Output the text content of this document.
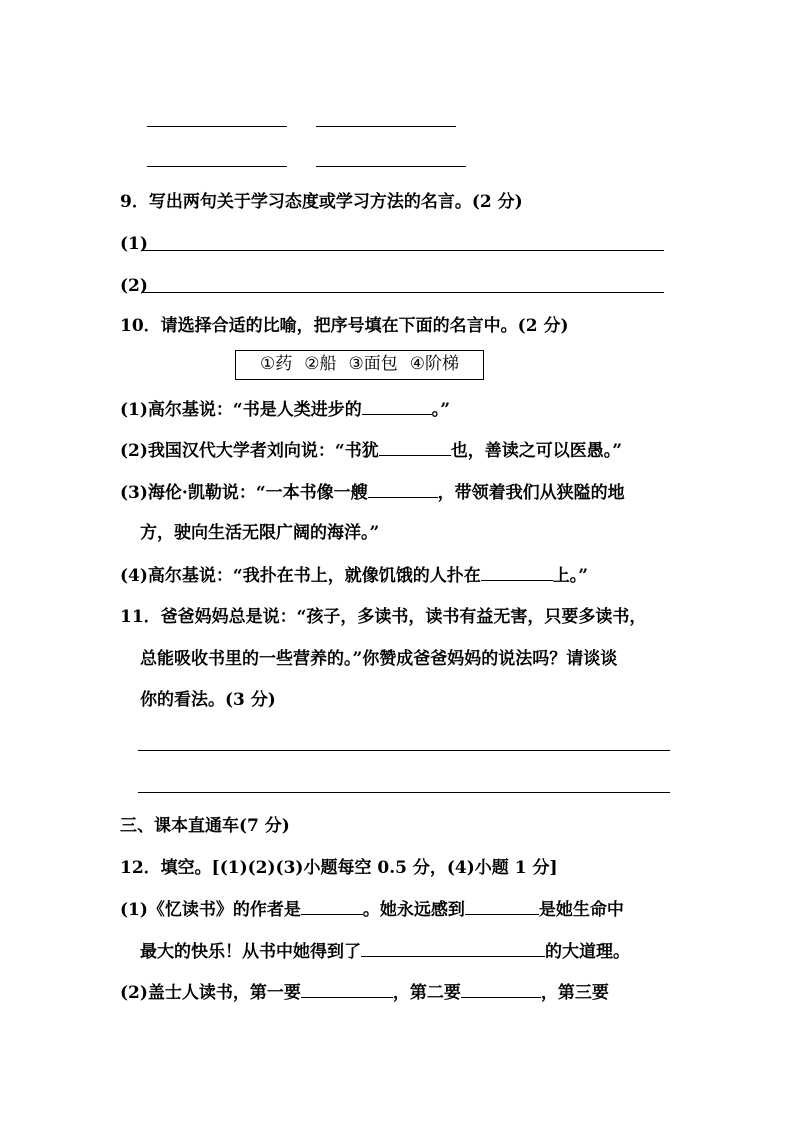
9．写出两句关于学习态度或学习方法的名言。(2 分)
(1)
(2)
10．请选择合适的比喻，把序号填在下面的名言中。(2 分)
①药 ②船 ③面包 ④阶梯
(1)高尔基说：“书是人类进步的	。”
(2)我国汉代大学者刘向说：“书犹	也，善读之可以医愚。”
(3)海伦·凯勒说：“一本书像一艘	，带领着我们从狭隘的地
方，驶向生活无限广阔的海洋。”
(4)高尔基说：“我扑在书上，就像饥饿的人扑在	上。”
11．爸爸妈妈总是说：“孩子，多读书，读书有益无害，只要多读书，
总能吸收书里的一些营养的。”你赞成爸爸妈妈的说法吗？请谈谈
你的看法。(3 分)
三、课本直通车(7 分)
12．填空。[(1)(2)(3)小题每空 0.5 分，(4)小题 1 分]
(1)《忆读书》的作者是	。她永远感到	是她生命中
最大的快乐！从书中她得到了	的大道理。
(2)盖士人读书，第一要	，第二要	，第三要
